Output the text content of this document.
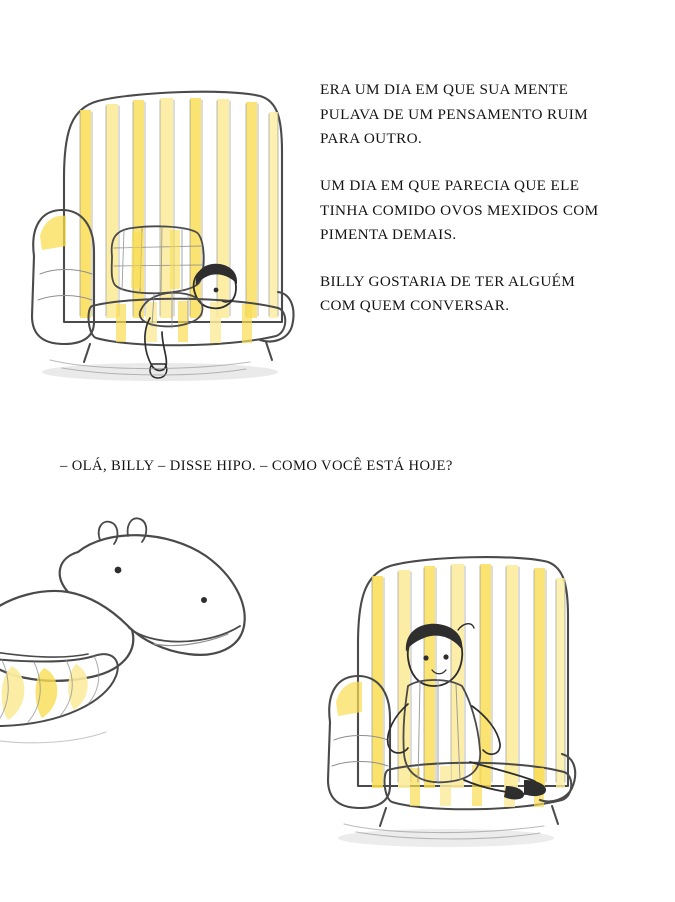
ERA UM DIA EM QUE SUA MENTE PULAVA DE UM PENSAMENTO RUIM PARA OUTRO.

UM DIA EM QUE PARECIA QUE ELE TINHA COMIDO OVOS MEXIDOS COM PIMENTA DEMAIS.

BILLY GOSTARIA DE TER ALGUÉM COM QUEM CONVERSAR.

– OLÁ, BILLY – DISSE HIPO. – COMO VOCÊ ESTÁ HOJE?
